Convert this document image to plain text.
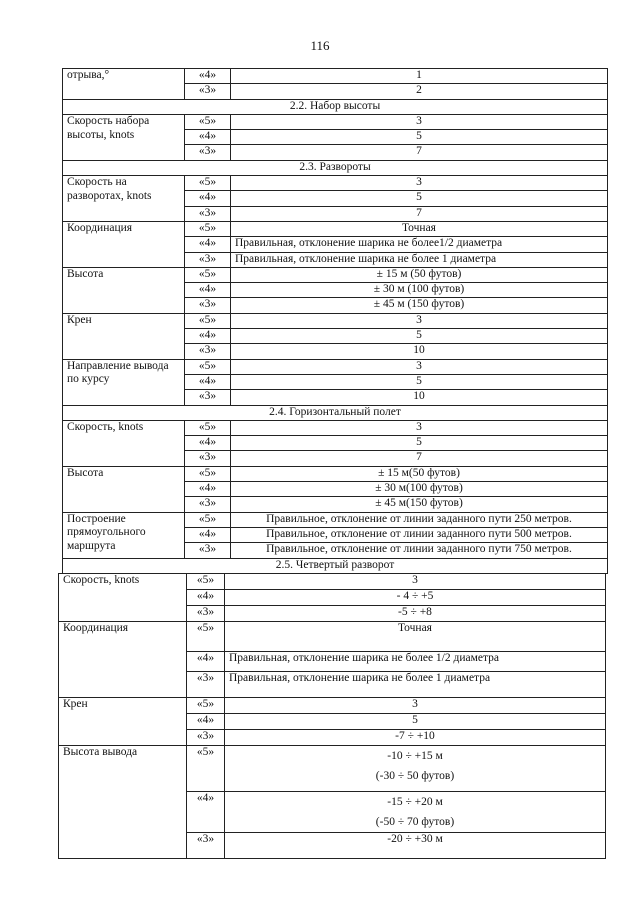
116
отрыва,°	«4»	1
	«3»	2
2.2. Набор высоты		
Скорость набора высоты, knots	«5»	3
	«4»	5
	«3»	7
2.3. Развороты		
Скорость на разворотах, knots	«5»	3
	«4»	5
	«3»	7
Координация	«5»	Точная
	«4»	Правильная, отклонение шарика не более1/2 диаметра
	«3»	Правильная, отклонение шарика не более 1 диаметра
Высота	«5»	± 15 м (50 футов)
	«4»	± 30 м (100 футов)
	«3»	± 45 м (150 футов)
Крен	«5»	3
	«4»	5
	«3»	10
Направление вывода по курсу	«5»	3
	«4»	5
	«3»	10
2.4. Горизонтальный полет		
Скорость, knots	«5»	3
	«4»	5
	«3»	7
Высота	«5»	± 15 м(50 футов)
	«4»	± 30 м(100 футов)
	«3»	± 45 м(150 футов)
Построение прямоугольного маршрута	«5»	Правильное, отклонение от линии заданного пути 250 метров.
	«4»	Правильное, отклонение от линии заданного пути 500 метров.
	«3»	Правильное, отклонение от линии заданного пути 750 метров.
2.5. Четвертый разворот		
Скорость, knots	«5»	3
	«4»	- 4 ÷ +5
	«3»	-5 ÷ +8
Координация	«5»	Точная
	«4»	Правильная, отклонение шарика не более 1/2 диаметра
	«3»	Правильная, отклонение шарика не более 1 диаметра
Крен	«5»	3
	«4»	5
	«3»	-7 ÷ +10
Высота вывода	«5»	-10 ÷ +15 м
(-30 ÷ 50 футов)

	«4»	-15 ÷ +20 м
(-50 ÷ 70 футов)

	«3»	-20 ÷ +30 м
